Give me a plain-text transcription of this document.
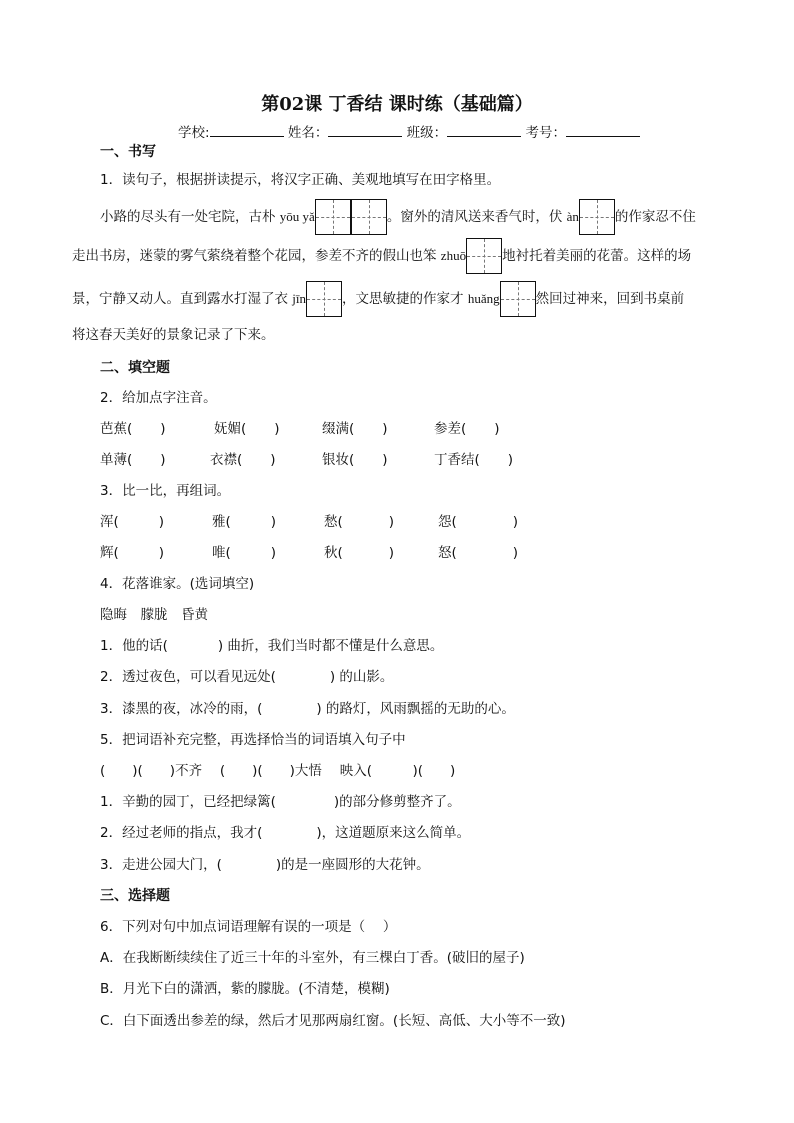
第02课 丁香结 课时练（基础篇）
学校:	姓名：	班级：	考号：
一、书写
1．读句子，根据拼读提示，将汉字正确、美观地填写在田字格里。
小路的尽头有一处宅院，古朴 yōu yǎ	。窗外的清风送来香气时，伏 àn	的作家忍不住
走出书房，迷蒙的雾气萦绕着整个花园，参差不齐的假山也笨 zhuō	地衬托着美丽的花蕾。这样的场
景，宁静又动人。直到露水打湿了衣 jīn	，文思敏捷的作家才 huǎng	然回过神来，回到书桌前
将这春天美好的景象记录了下来。
二、填空题
2．给加点字注音。
芭蕉( )	妩媚( )	缀满( )	参差( )
单薄( )	衣襟( )	银妆( )	丁香结( )
3．比一比，再组词。
浑(	)	雅(	)	愁(	)	怨(	)
辉(	)	唯(	)	秋(	)	怒(	)
4．花落谁家。(选词填空)
隐晦　朦胧　昏黄
1．他的话(	) 曲折，我们当时都不懂是什么意思。
2．透过夜色，可以看见远处(	) 的山影。
3．漆黑的夜，冰冷的雨，(	) 的路灯，风雨飘摇的无助的心。
5．把词语补充完整，再选择恰当的词语填入句子中
(　　)(　　)不齐　 (　　)(　　)大悟　 映入(　　　)(　　)
1．辛勤的园丁，已经把绿篱(	)的部分修剪整齐了。
2．经过老师的指点，我才(	)，这道题原来这么简单。
3．走进公园大门，(	)的是一座圆形的大花钟。
三、选择题
6．下列对句中加点词语理解有误的一项是（　 ）
A．在我断断续续住了近三十年的斗室外，有三棵白丁香。(破旧的屋子)
B．月光下白的潇洒，紫的朦胧。(不清楚，模糊)
C．白下面透出参差的绿，然后才见那两扇红窗。(长短、高低、大小等不一致)
